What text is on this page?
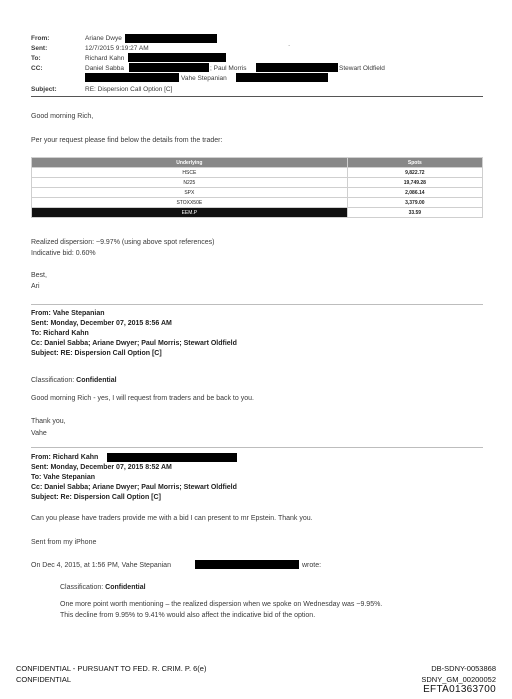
From:	Ariane Dwye
Sent:	12/7/2015 9:19:27 AM	·
To:	Richard Kahn
CC:	Daniel Sabba	; Paul Morris	Stewart Oldfield
Vahe Stepanian
Subject:	RE: Dispersion Call Option [C]
Good morning Rich,
Per your request please find below the details from the trader:
Underlying	Spots
HSCE	9,822.72
N225	19,749.28
SPX	2,086.14
STOXX50E	3,379.00
EEM.P	33.59
Realized dispersion: ~9.97% (using above spot references)
Indicative bid: 0.60%
Best,
Ari
From: Vahe Stepanian
Sent: Monday, December 07, 2015 8:56 AM
To: Richard Kahn
Cc: Daniel Sabba; Ariane Dwyer; Paul Morris; Stewart Oldfield
Subject: RE: Dispersion Call Option [C]
Classification: Confidential
Good morning Rich - yes, I will request from traders and be back to you.
Thank you,
Vahe
From: Richard Kahn
Sent: Monday, December 07, 2015 8:52 AM
To: Vahe Stepanian
Cc: Daniel Sabba; Ariane Dwyer; Paul Morris; Stewart Oldfield
Subject: Re: Dispersion Call Option [C]
Can you please have traders provide me with a bid I can present to mr Epstein. Thank you.
Sent from my iPhone
On Dec 4, 2015, at 1:56 PM, Vahe Stepanian	wrote:
Classification: Confidential
One more point worth mentioning – the realized dispersion when we spoke on Wednesday was ~9.95%.
This decline from 9.95% to 9.41% would also affect the indicative bid of the option.
CONFIDENTIAL - PURSUANT TO FED. R. CRIM. P. 6(e)
CONFIDENTIAL
DB-SDNY-0053868
SDNY_GM_00200052
EFTA01363700
